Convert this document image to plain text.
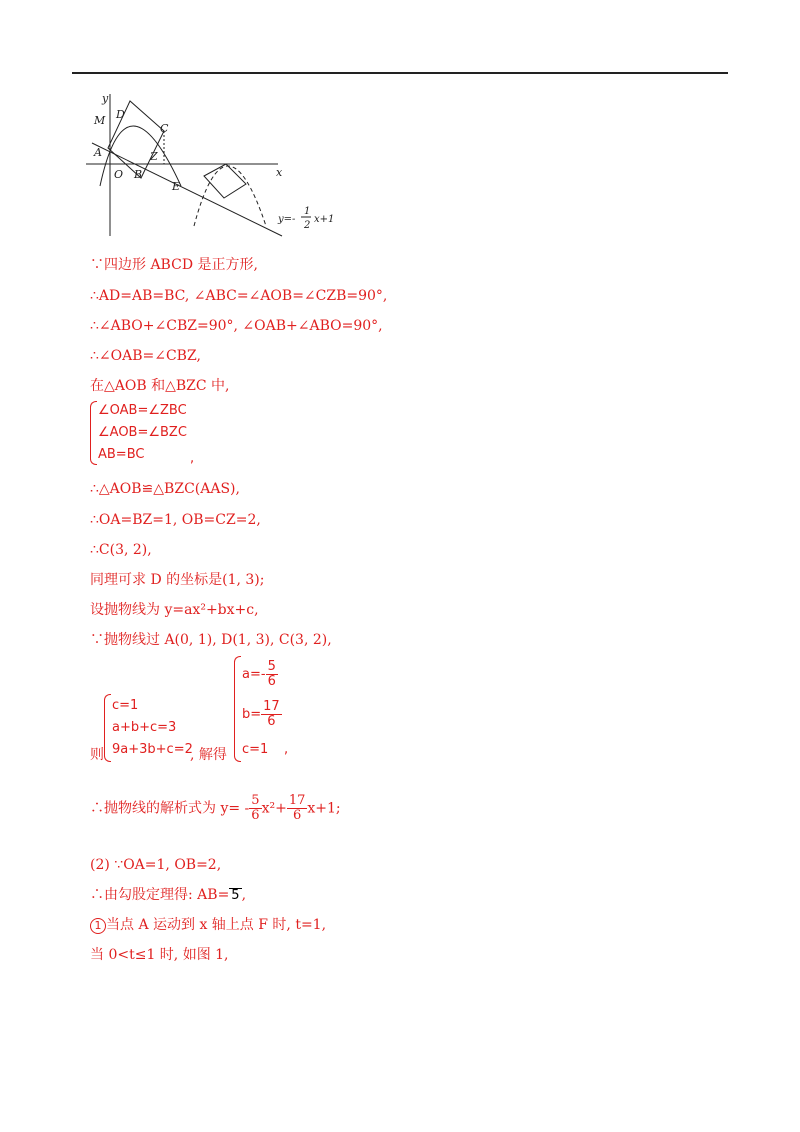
y
x
M D
C
A	Z
O B
E
y=-
1
2
x+1
∵四边形 ABCD 是正方形,
∴AD=AB=BC, ∠ABC=∠AOB=∠CZB=90°,
∴∠ABO+∠CBZ=90°, ∠OAB+∠ABO=90°,
∴∠OAB=∠CBZ,
在△AOB 和△BZC 中,
∠OAB=∠ZBC
∠AOB=∠BZC
AB=BC	,
∴△AOB≌△BZC(AAS),
∴OA=BZ=1, OB=CZ=2,
∴C(3, 2),
同理可求 D 的坐标是(1, 3);
设抛物线为 y=ax²+bx+c,
∵抛物线过 A(0, 1), D(1, 3), C(3, 2),
则
c=1
a+b+c=3
9a+3b+c=2
, 解得
$a=- \frac{5}{6}$
$b= \frac{17}{6}$
c=1 ,
∴抛物线的解析式为 $y= - \frac{5}{6} x^2+ \frac{17}{6} x+1$;
(2) ∵OA=1, OB=2,
∴由勾股定理得: AB= 5 ,
1 当点 A 运动到 x 轴上点 F 时, t=1,
当 0<t≤1 时, 如图 1,
